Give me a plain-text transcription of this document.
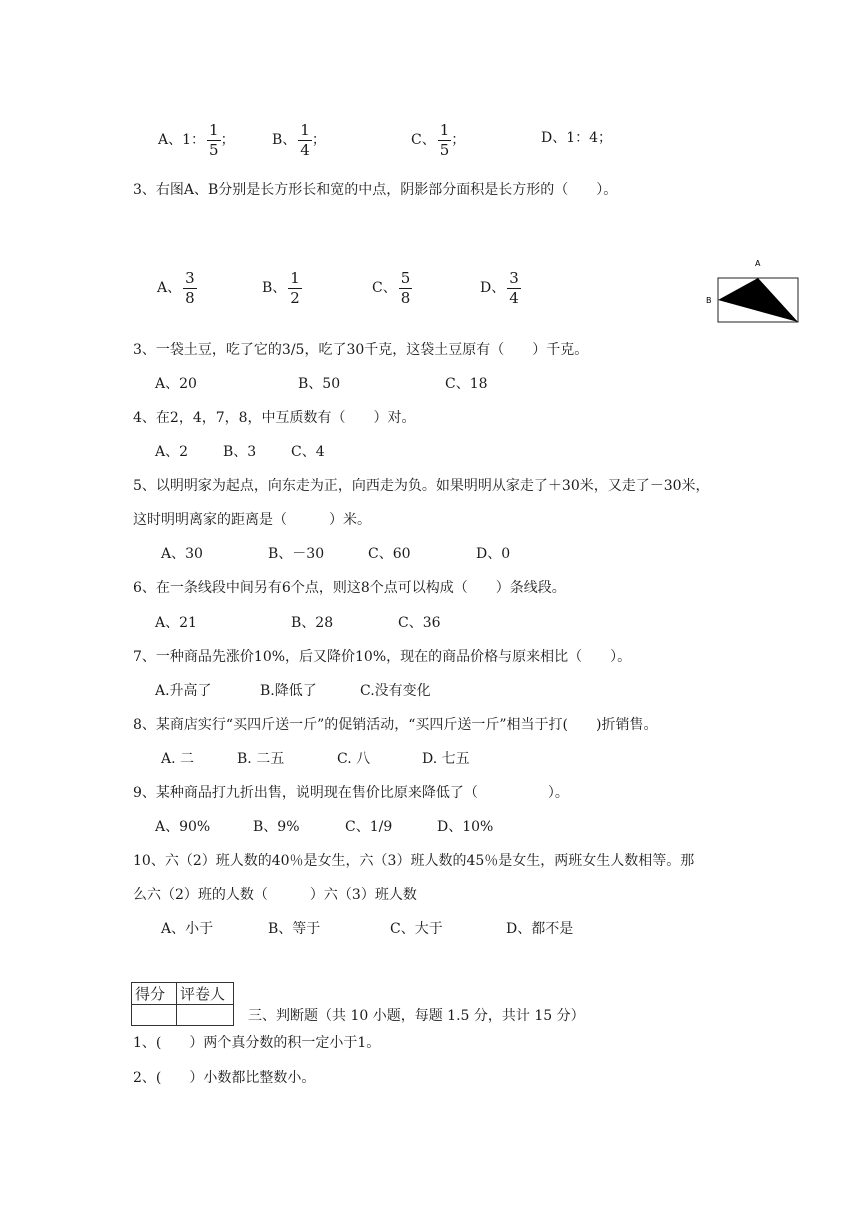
A、1： $\frac{1}{5}$ ；	B、 $\frac{1}{4}$ ；	C、 $\frac{1}{5}$ ；	D、1：4；
3、右图A、B分别是长方形长和宽的中点，阴影部分面积是长方形的（　　）。
A、 $\frac{3}{8}$	B、 $\frac{1}{2}$	C、 $\frac{5}{8}$	D、 $\frac{3}{4}$
A
B
3、一袋土豆，吃了它的3/5，吃了30千克，这袋土豆原有（　　）千克。
A、20	B、50	C、18
4、在2，4，7，8，中互质数有（　　）对。
A、2 B、3 C、4
5、以明明家为起点，向东走为正，向西走为负。如果明明从家走了＋30米，又走了－30米，
这时明明离家的距离是（　　　）米。
A、30	B、－30	C、60	D、0
6、在一条线段中间另有6个点，则这8个点可以构成（　　）条线段。
A、21	B、28	C、36
7、一种商品先涨价10%，后又降价10%，现在的商品价格与原来相比（　　）。
A.升高了	B.降低了	C.没有变化
8、某商店实行“买四斤送一斤”的促销活动，“买四斤送一斤”相当于打(　　)折销售。
A. 二	B. 二五	C. 八	D. 七五
9、某种商品打九折出售，说明现在售价比原来降低了（　　　　　）。
A、90%	B、9%	C、1/9	D、10%
10、六（2）班人数的40％是女生，六（3）班人数的45％是女生，两班女生人数相等。那
么六（2）班的人数（　　　）六（3）班人数
A、小于	B、等于	C、大于	D、都不是
得分	评卷人

三、判断题（共 10 小题，每题 1.5 分，共计 15 分）
1、(　　）两个真分数的积一定小于1。
2、(　　）小数都比整数小。
